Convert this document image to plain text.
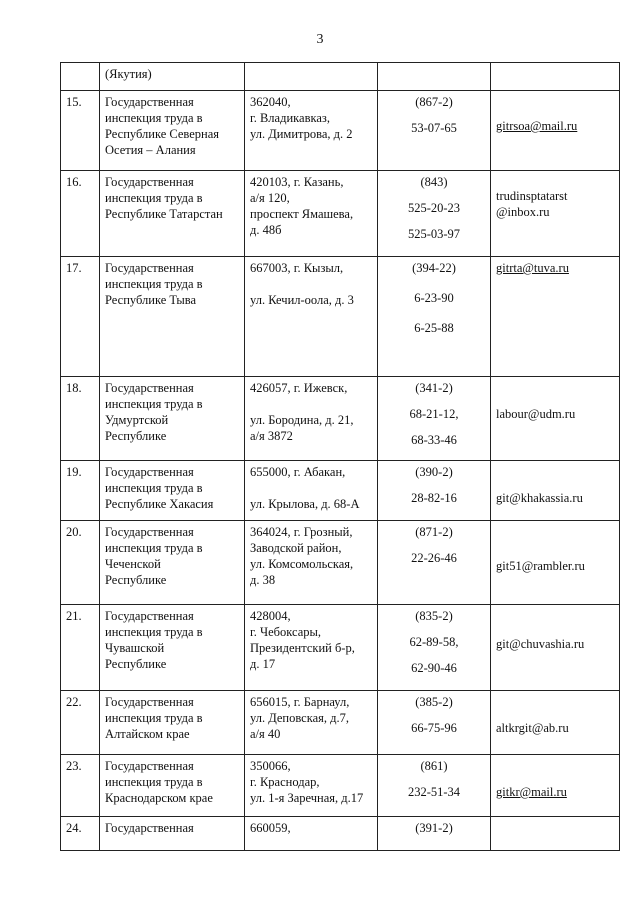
3
	(Якутия)			
15.	Государственная
инспекция труда в
Республике Северная
Осетия – Алания	362040,
г. Владикавказ,
ул. Димитрова, д. 2	(867-2)
53-07-65	gitrsoa@mail.ru

16.	Государственная
инспекция труда в
Республике Татарстан	420103, г. Казань,
а/я 120,
проспект Ямашева,
д. 48б	(843)
525-20-23
525-03-97	trudinsptatarst
@inbox.ru

17.	Государственная
инспекция труда в
Республике Тыва	667003, г. Кызыл,

ул. Кечил-оола, д. 3	(394-22)
6-23-90
6-25-88	gitrta@tuva.ru

18.	Государственная
инспекция труда в
Удмуртской
Республике	426057, г. Ижевск,

ул. Бородина, д. 21,
а/я 3872	(341-2)
68-21-12,
68-33-46	labour@udm.ru

19.	Государственная
инспекция труда в
Республике Хакасия	655000, г. Абакан,

ул. Крылова, д. 68-А	(390-2)
28-82-16	git@khakassia.ru

20.	Государственная
инспекция труда в
Чеченской
Республике	364024, г. Грозный,
Заводской район,
ул. Комсомольская,
д. 38	(871-2)
22-26-46	git51@rambler.ru

21.	Государственная
инспекция труда в
Чувашской
Республике	428004,
г. Чебоксары,
Президентский б-р,
д. 17	(835-2)
62-89-58,
62-90-46	git@chuvashia.ru

22.	Государственная
инспекция труда в
Алтайском крае	656015, г. Барнаул,
ул. Деповская, д.7,
а/я 40	(385-2)
66-75-96	altkrgit@ab.ru

23.	Государственная
инспекция труда в
Краснодарском крае	350066,
г. Краснодар,
ул. 1-я Заречная, д.17	(861)
232-51-34	gitkr@mail.ru

24.	Государственная	660059,	(391-2)	
